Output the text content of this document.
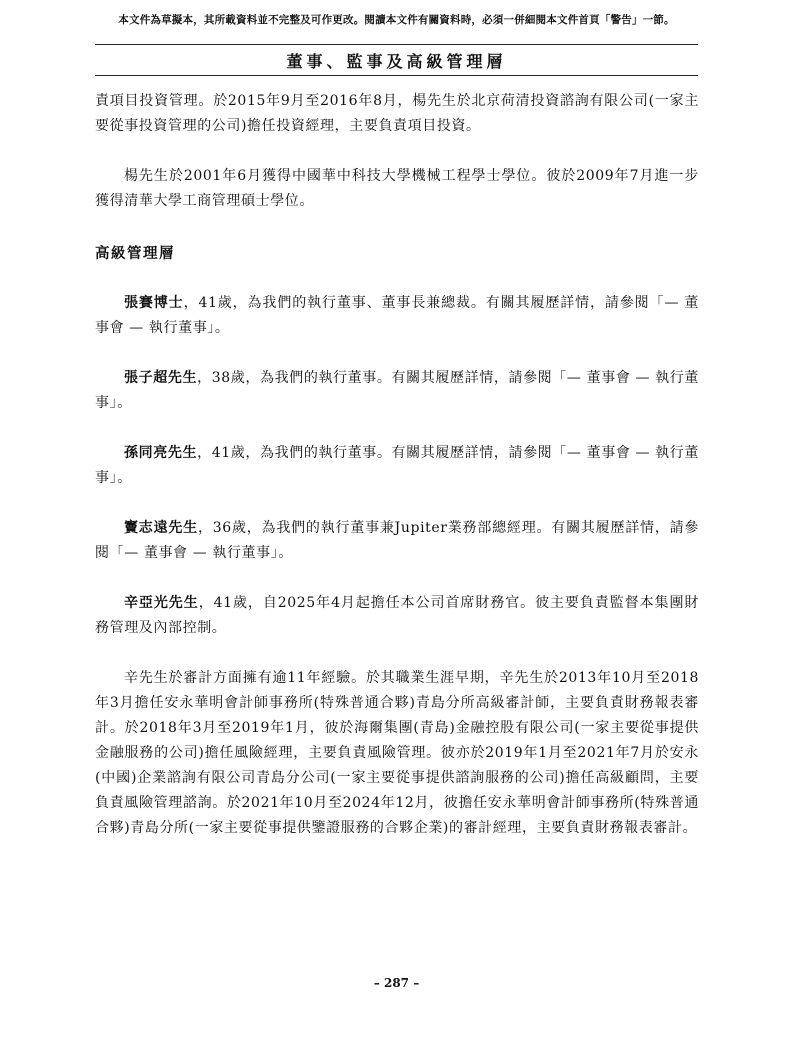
本文件為草擬本，其所載資料並不完整及可作更改。閱讀本文件有關資料時，必須一併細閱本文件首頁「警告」一節。
董事、監事及高級管理層

責項目投資管理。於2015年9月至2016年8月，楊先生於北京荷清投資諮詢有限公司(一家主要從事投資管理的公司)擔任投資經理，主要負責項目投資。

楊先生於2001年6月獲得中國華中科技大學機械工程學士學位。彼於2009年7月進一步獲得清華大學工商管理碩士學位。

高級管理層

張賽博士，41歲，為我們的執行董事、董事長兼總裁。有關其履歷詳情，請參閱「— 董事會 — 執行董事」。

張子超先生，38歲，為我們的執行董事。有關其履歷詳情，請參閱「— 董事會 — 執行董事」。

孫同亮先生，41歲，為我們的執行董事。有關其履歷詳情，請參閱「— 董事會 — 執行董事」。

竇志遠先生，36歲，為我們的執行董事兼Jupiter業務部總經理。有關其履歷詳情，請參閱「— 董事會 — 執行董事」。

辛亞光先生，41歲，自2025年4月起擔任本公司首席財務官。彼主要負責監督本集團財務管理及內部控制。

辛先生於審計方面擁有逾11年經驗。於其職業生涯早期，辛先生於2013年10月至2018年3月擔任安永華明會計師事務所(特殊普通合夥)青島分所高級審計師，主要負責財務報表審計。於2018年3月至2019年1月，彼於海爾集團(青島)金融控股有限公司(一家主要從事提供金融服務的公司)擔任風險經理，主要負責風險管理。彼亦於2019年1月至2021年7月於安永(中國)企業諮詢有限公司青島分公司(一家主要從事提供諮詢服務的公司)擔任高級顧問，主要負責風險管理諮詢。於2021年10月至2024年12月，彼擔任安永華明會計師事務所(特殊普通合夥)青島分所(一家主要從事提供鑒證服務的合夥企業)的審計經理，主要負責財務報表審計。

– 287 –
